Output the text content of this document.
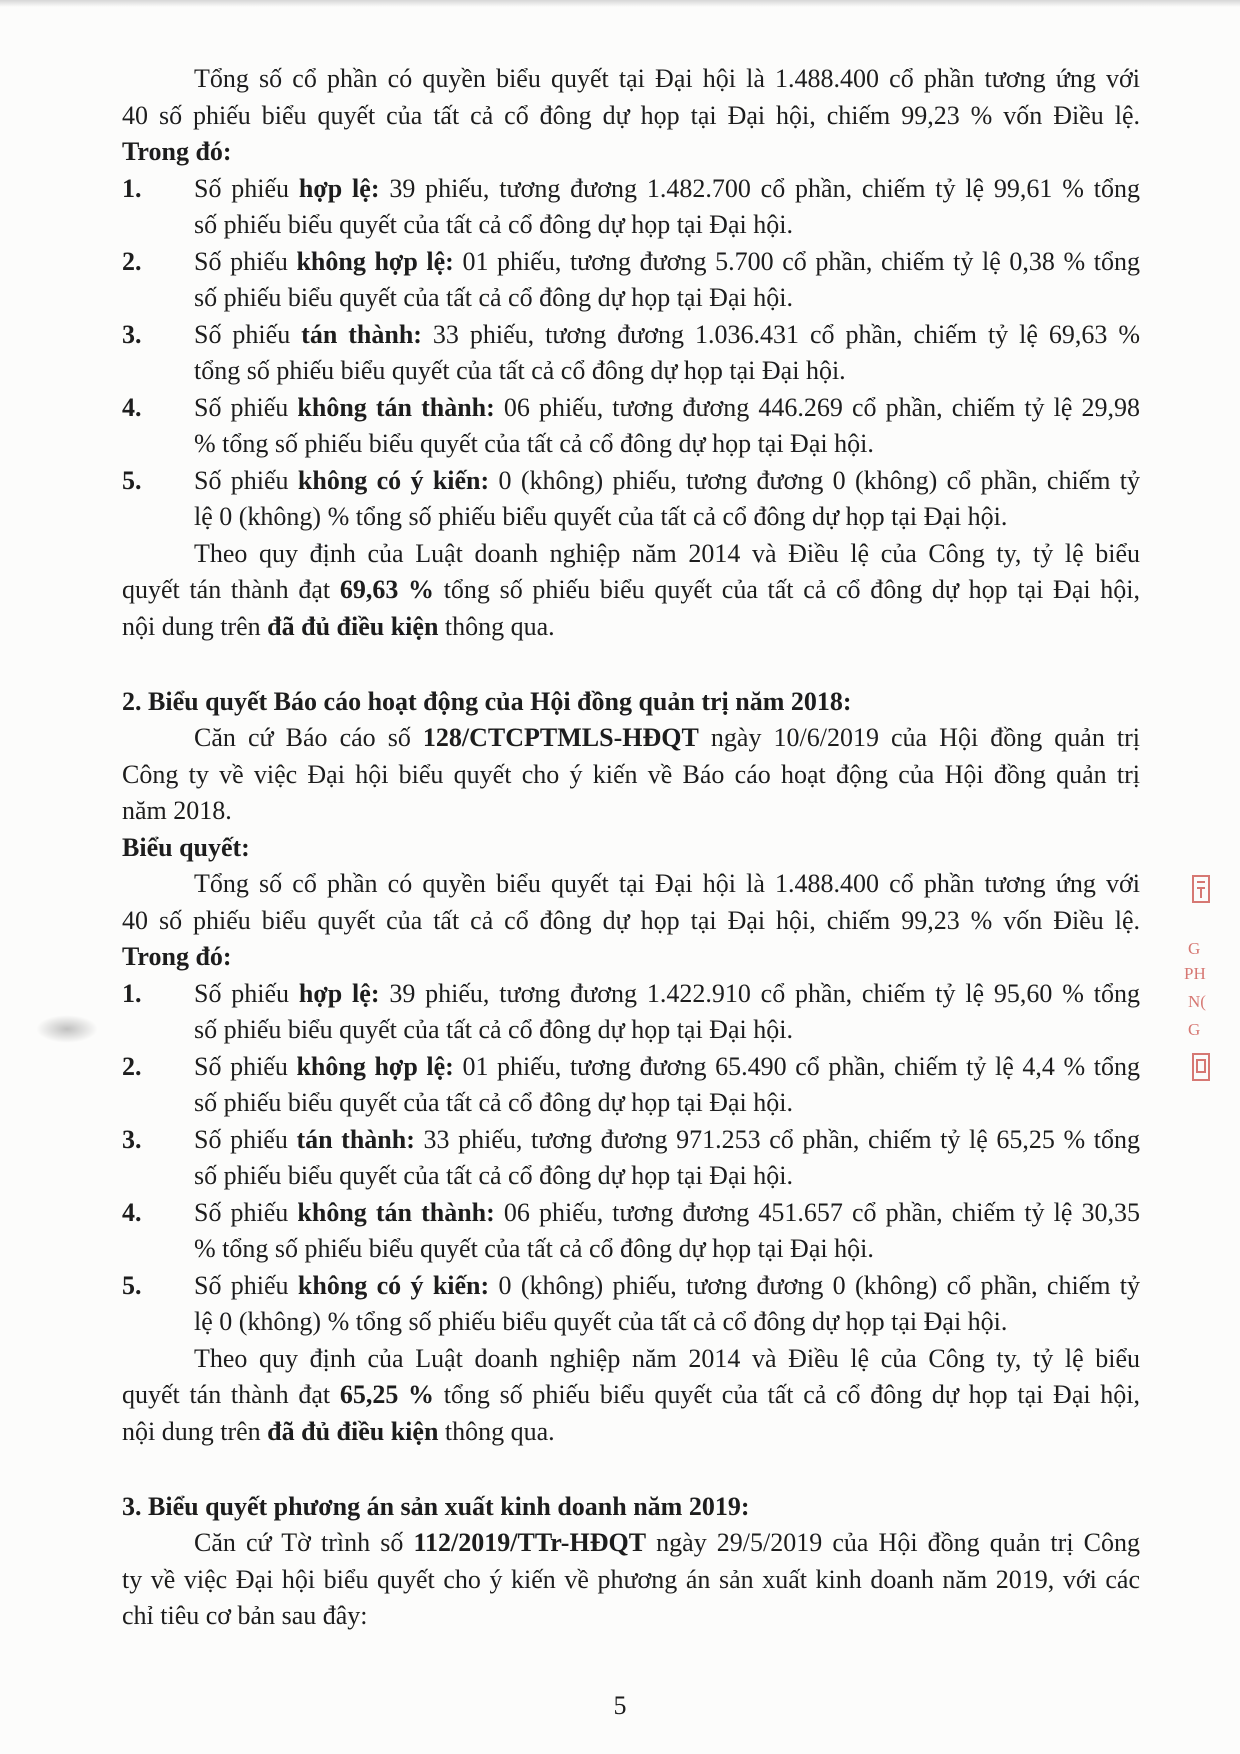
Tổng số cổ phần có quyền biểu quyết tại Đại hội là 1.488.400 cổ phần tương ứng với
40 số phiếu biểu quyết của tất cả cổ đông dự họp tại Đại hội, chiếm 99,23 % vốn Điều lệ.
Trong đó:
1. Số phiếu hợp lệ: 39 phiếu, tương đương 1.482.700 cổ phần, chiếm tỷ lệ 99,61 % tổng
số phiếu biểu quyết của tất cả cổ đông dự họp tại Đại hội.
2. Số phiếu không hợp lệ: 01 phiếu, tương đương 5.700 cổ phần, chiếm tỷ lệ 0,38 % tổng
số phiếu biểu quyết của tất cả cổ đông dự họp tại Đại hội.
3. Số phiếu tán thành: 33 phiếu, tương đương 1.036.431 cổ phần, chiếm tỷ lệ 69,63 %
tổng số phiếu biểu quyết của tất cả cổ đông dự họp tại Đại hội.
4. Số phiếu không tán thành: 06 phiếu, tương đương 446.269 cổ phần, chiếm tỷ lệ 29,98
% tổng số phiếu biểu quyết của tất cả cổ đông dự họp tại Đại hội.
5. Số phiếu không có ý kiến: 0 (không) phiếu, tương đương 0 (không) cổ phần, chiếm tỷ
lệ 0 (không) % tổng số phiếu biểu quyết của tất cả cổ đông dự họp tại Đại hội.
Theo quy định của Luật doanh nghiệp năm 2014 và Điều lệ của Công ty, tỷ lệ biểu
quyết tán thành đạt 69,63 % tổng số phiếu biểu quyết của tất cả cổ đông dự họp tại Đại hội,
nội dung trên đã đủ điều kiện thông qua.
2. Biểu quyết Báo cáo hoạt động của Hội đồng quản trị năm 2018:
Căn cứ Báo cáo số 128/CTCPTMLS-HĐQT ngày 10/6/2019 của Hội đồng quản trị
Công ty về việc Đại hội biểu quyết cho ý kiến về Báo cáo hoạt động của Hội đồng quản trị
năm 2018.
Biểu quyết:
Tổng số cổ phần có quyền biểu quyết tại Đại hội là 1.488.400 cổ phần tương ứng với
40 số phiếu biểu quyết của tất cả cổ đông dự họp tại Đại hội, chiếm 99,23 % vốn Điều lệ.
Trong đó:
1. Số phiếu hợp lệ: 39 phiếu, tương đương 1.422.910 cổ phần, chiếm tỷ lệ 95,60 % tổng
số phiếu biểu quyết của tất cả cổ đông dự họp tại Đại hội.
2. Số phiếu không hợp lệ: 01 phiếu, tương đương 65.490 cổ phần, chiếm tỷ lệ 4,4 % tổng
số phiếu biểu quyết của tất cả cổ đông dự họp tại Đại hội.
3. Số phiếu tán thành: 33 phiếu, tương đương 971.253 cổ phần, chiếm tỷ lệ 65,25 % tổng
số phiếu biểu quyết của tất cả cổ đông dự họp tại Đại hội.
4. Số phiếu không tán thành: 06 phiếu, tương đương 451.657 cổ phần, chiếm tỷ lệ 30,35
% tổng số phiếu biểu quyết của tất cả cổ đông dự họp tại Đại hội.
5. Số phiếu không có ý kiến: 0 (không) phiếu, tương đương 0 (không) cổ phần, chiếm tỷ
lệ 0 (không) % tổng số phiếu biểu quyết của tất cả cổ đông dự họp tại Đại hội.
Theo quy định của Luật doanh nghiệp năm 2014 và Điều lệ của Công ty, tỷ lệ biểu
quyết tán thành đạt 65,25 % tổng số phiếu biểu quyết của tất cả cổ đông dự họp tại Đại hội,
nội dung trên đã đủ điều kiện thông qua.
3. Biểu quyết phương án sản xuất kinh doanh năm 2019:
Căn cứ Tờ trình số 112/2019/TTr-HĐQT ngày 29/5/2019 của Hội đồng quản trị Công
ty về việc Đại hội biểu quyết cho ý kiến về phương án sản xuất kinh doanh năm 2019, với các
chỉ tiêu cơ bản sau đây:
G
PH
N(
G
5
